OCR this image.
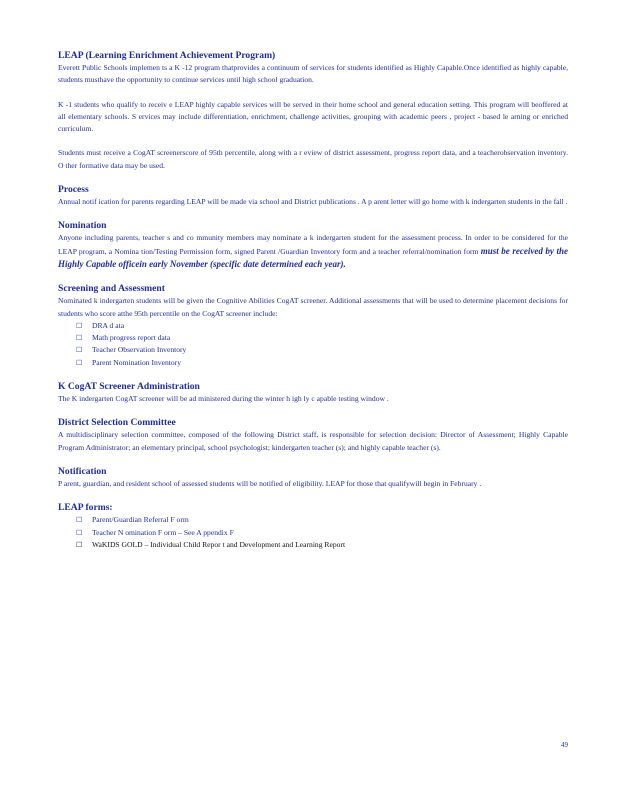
LEAP (Learning Enrichment Achievement Program)

Everett Public Schools implemen ts a K -12 program thatprovides a continuum of services for students identified as Highly Capable.Once identified as highly capable, students musthave the opportunity to continue services until high school graduation.

K -1 students who qualify to receiv e LEAP highly capable services will be served in their home school and general education setting. This program will beoffered at all elementary schools. S ervices may include differentiation, enrichment, challenge activities, grouping with academic peers , project - based le arning or enriched curriculum.

Students must receive a CogAT screenerscore of 95th percentile, along with a r eview of district assessment, progress report data, and a teacherobservation inventory. O ther formative data may be used.

Process

Annual notif ication for parents regarding LEAP will be made via school and District publications . A p arent letter will go home with k indergarten students in the fall .

Nomination

Anyone including parents, teacher s and co mmunity members may nominate a k indergarten student for the assessment process. In order to be considered for the LEAP program, a Nomina tion/Testing Permission form, signed Parent /Guardian Inventory form and a teacher referral/nomination form must be received by the Highly Capable officein early November (specific date determined each year).

Screening and Assessment

Nominated k indergarten students will be given the Cognitive Abilities CogAT screener. Additional assessments that will be used to determine placement decisions for students who score atthe 95th percentile on the CogAT screener include:

☐ DRA d ata
☐ Math progress report data
☐ Teacher Observation Inventory
☐ Parent Nomination Inventory

K CogAT Screener Administration

The K indergarten CogAT screener will be ad ministered during the winter h igh ly c apable testing window .

District Selection Committee

A multidisciplinary selection committee, composed of the following District staff, is responsible for selection decision: Director of Assessment; Highly Capable Program Administrator; an elementary principal, school psychologist; kindergarten teacher (s); and highly capable teacher (s).

Notification

P arent, guardian, and resident school of assessed students will be notified of eligibility. LEAP for those that qualifywill begin in February .

LEAP forms:

☐ Parent/Guardian Referral F orm
☐ Teacher N omination F orm – See A ppendix F
☐ WaKIDS GOLD – Individual Child Repor t and Development and Learning Report
49
